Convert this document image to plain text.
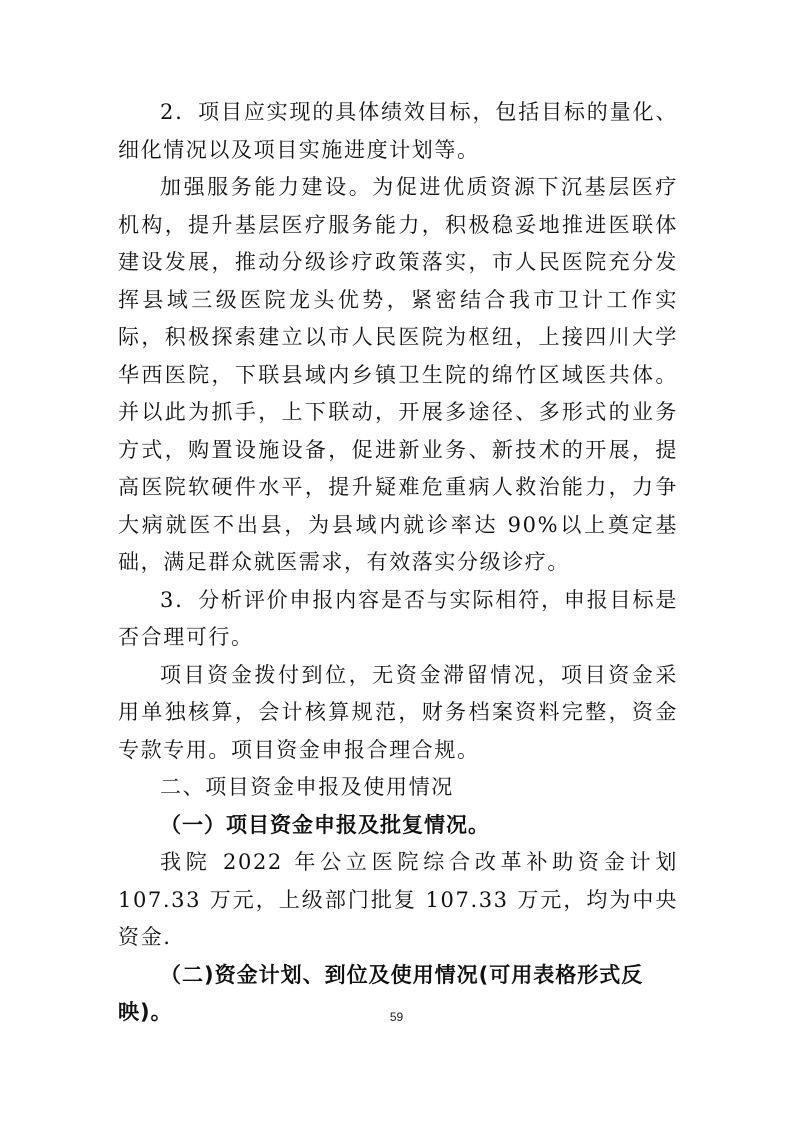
2．项目应实现的具体绩效目标，包括目标的量化、细化情况以及项目实施进度计划等。

加强服务能力建设。为促进优质资源下沉基层医疗机构，提升基层医疗服务能力，积极稳妥地推进医联体建设发展，推动分级诊疗政策落实，市人民医院充分发挥县域三级医院龙头优势，紧密结合我市卫计工作实际，积极探索建立以市人民医院为枢纽，上接四川大学华西医院，下联县域内乡镇卫生院的绵竹区域医共体。并以此为抓手，上下联动，开展多途径、多形式的业务方式，购置设施设备，促进新业务、新技术的开展，提高医院软硬件水平，提升疑难危重病人救治能力，力争大病就医不出县，为县域内就诊率达 90%以上奠定基础，满足群众就医需求，有效落实分级诊疗。

3．分析评价申报内容是否与实际相符，申报目标是否合理可行。

项目资金拨付到位，无资金滞留情况，项目资金采用单独核算，会计核算规范，财务档案资料完整，资金专款专用。项目资金申报合理合规。

二、项目资金申报及使用情况

（一）项目资金申报及批复情况。

我院 2022 年公立医院综合改革补助资金计划 107.33 万元，上级部门批复 107.33 万元，均为中央资金.

（二)资金计划、到位及使用情况(可用表格形式反映)。	59
